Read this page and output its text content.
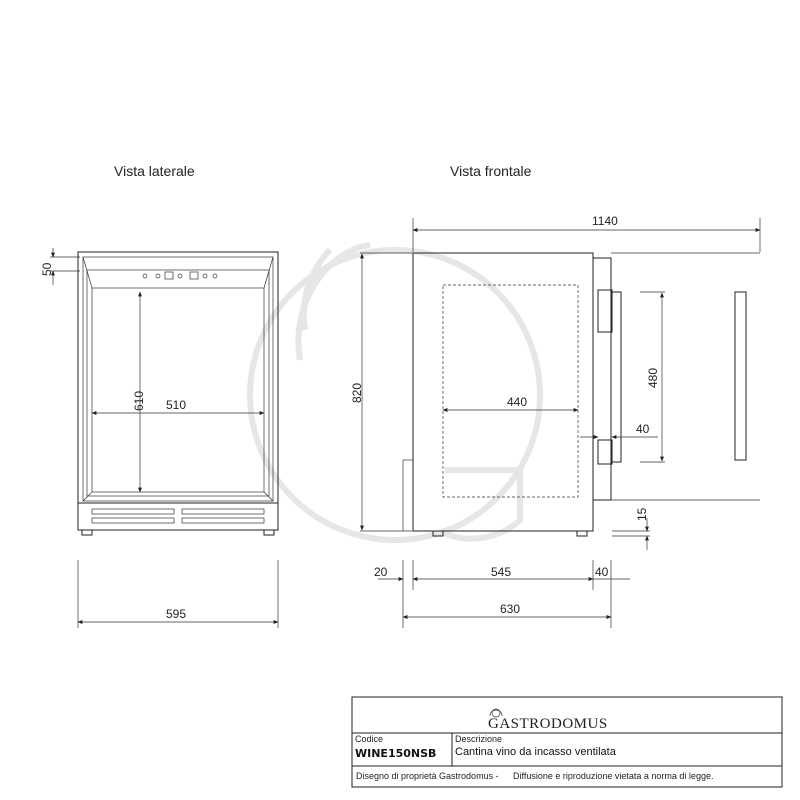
Vista laterale	Vista frontale
50
610 510
595
1140
820	440
480
40
15
20	545	40
630
GASTRODOMUS
Codice
WINE150NSB
Descrizione
Cantina vino da incasso ventilata
Disegno di proprietà Gastrodomus - Diffusione e riproduzione vietata a norma di legge.
